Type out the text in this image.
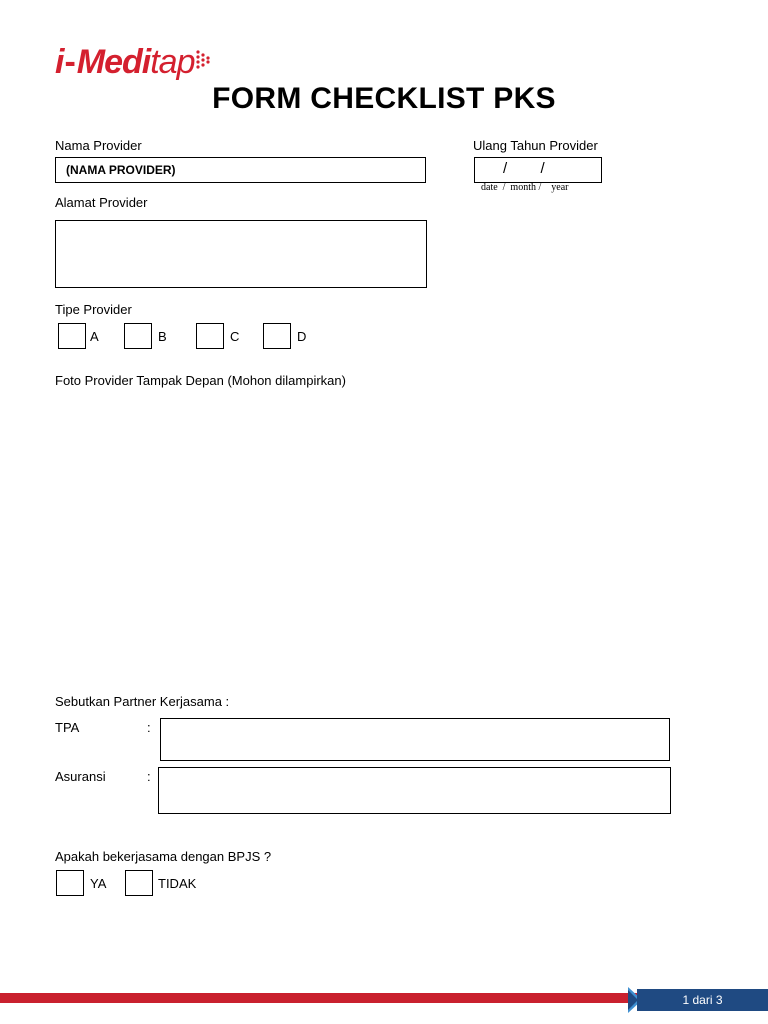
i - Medi tap
FORM CHECKLIST PKS
Nama Provider
(NAMA PROVIDER)
Ulang Tahun Provider
/        /
date  /  month /    year
Alamat Provider
Tipe Provider
A	B	C	D
Foto Provider Tampak Depan (Mohon dilampirkan)
Sebutkan Partner Kerjasama :
TPA	:
Asuransi	:
Apakah bekerjasama dengan BPJS ?
YA	TIDAK
1 dari 3
